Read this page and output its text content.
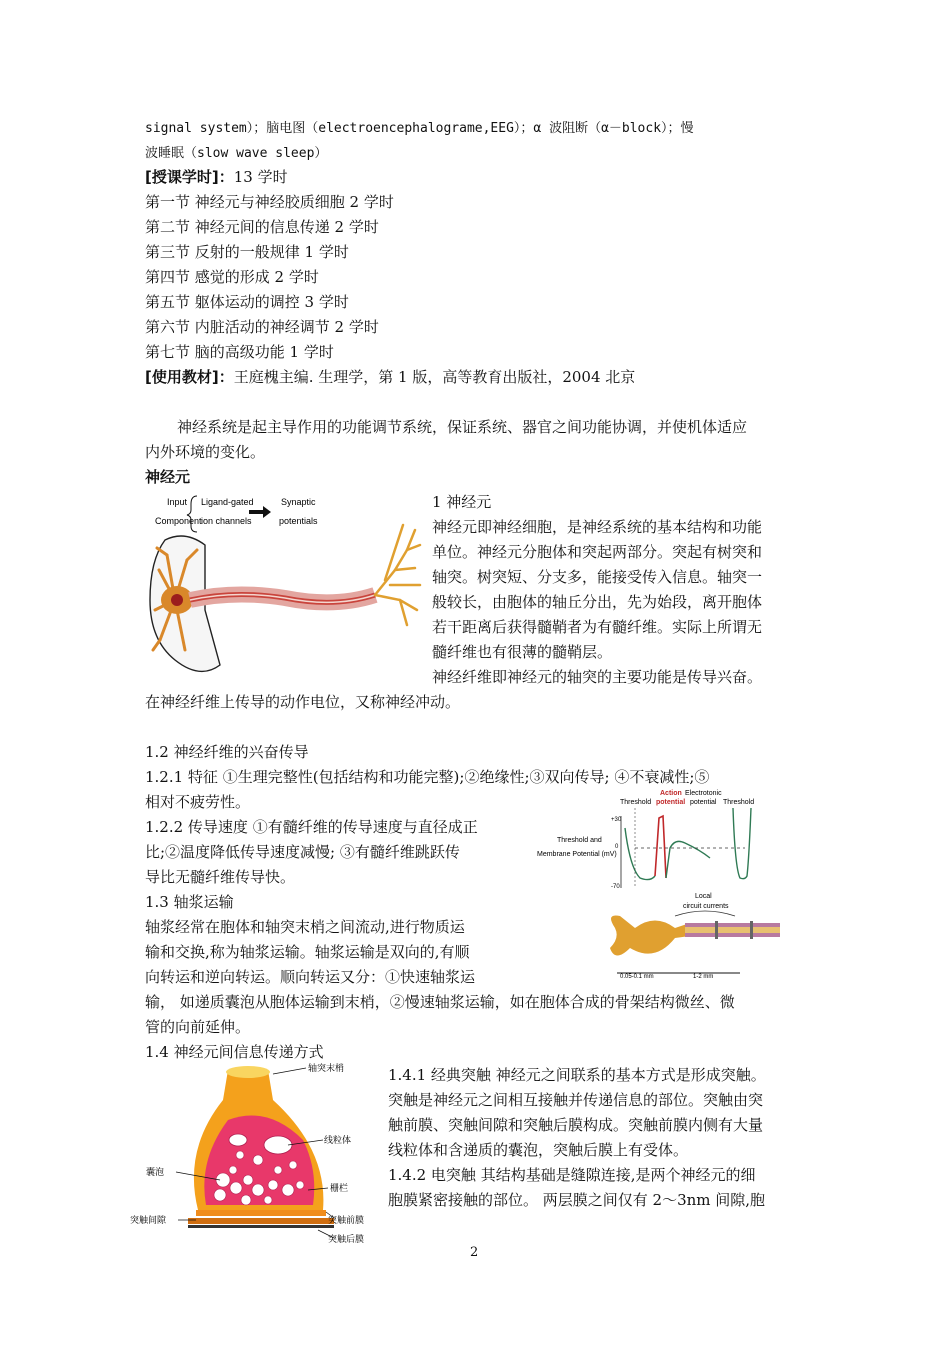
signal system）；脑电图（electroencephalograme,EEG）；α 波阻断（α－block）；慢
波睡眠（slow wave sleep）
[授课学时]：13 学时
第一节 神经元与神经胶质细胞 2 学时
第二节 神经元间的信息传递 2 学时
第三节 反射的一般规律 1 学时
第四节 感觉的形成 2 学时
第五节 躯体运动的调控 3 学时
第六节 内脏活动的神经调节 2 学时
第七节 脑的高级功能 1 学时
[使用教材]：王庭槐主编. 生理学，第 1 版，高等教育出版社，2004 北京
神经系统是起主导作用的功能调节系统，保证系统、器官之间功能协调，并使机体适应
内外环境的变化。
神经元
Input
Component
Ligand-gated
ion channels
Synaptic
potentials
1 神经元
神经元即神经细胞，是神经系统的基本结构和功能
单位。神经元分胞体和突起两部分。突起有树突和
轴突。树突短、分支多，能接受传入信息。轴突一
般较长，由胞体的轴丘分出，先为始段，离开胞体
若干距离后获得髓鞘者为有髓纤维。实际上所谓无
髓纤维也有很薄的髓鞘层。
神经纤维即神经元的轴突的主要功能是传导兴奋。
在神经纤维上传导的动作电位，又称神经冲动。
1.2 神经纤维的兴奋传导
1.2.1 特征 ①生理完整性(包括结构和功能完整);②绝缘性;③双向传导; ④不衰减性;⑤
相对不疲劳性。
1.2.2 传导速度 ①有髓纤维的传导速度与直径成正
比;②温度降低传导速度减慢; ③有髓纤维跳跃传
导比无髓纤维传导快。
1.3 轴浆运输
轴浆经常在胞体和轴突末梢之间流动,进行物质运
输和交换,称为轴浆运输。轴浆运输是双向的,有顺
向转运和逆向转运。顺向转运又分：①快速轴浆运
输， 如递质囊泡从胞体运输到末梢，②慢速轴浆运输，如在胞体合成的骨架结构微丝、微
管的向前延伸。
Action
potential
Electrotonic
potential
Threshold	Threshold
Threshold and
Membrane Potential (mV)
+30
0
-70
Local
circuit currents
0.05-0.1 mm	1-2 mm
1.4 神经元间信息传递方式
1.4.1 经典突触 神经元之间联系的基本方式是形成突触。
突触是神经元之间相互接触并传递信息的部位。突触由突
触前膜、突触间隙和突触后膜构成。突触前膜内侧有大量
线粒体和含递质的囊泡，突触后膜上有受体。
1.4.2 电突触 其结构基础是缝隙连接,是两个神经元的细
胞膜紧密接触的部位。 两层膜之间仅有 2～3nm 间隙,胞
轴突末梢
线粒体
囊泡
栅栏
突触间隙	突触前膜
突触后膜
2
